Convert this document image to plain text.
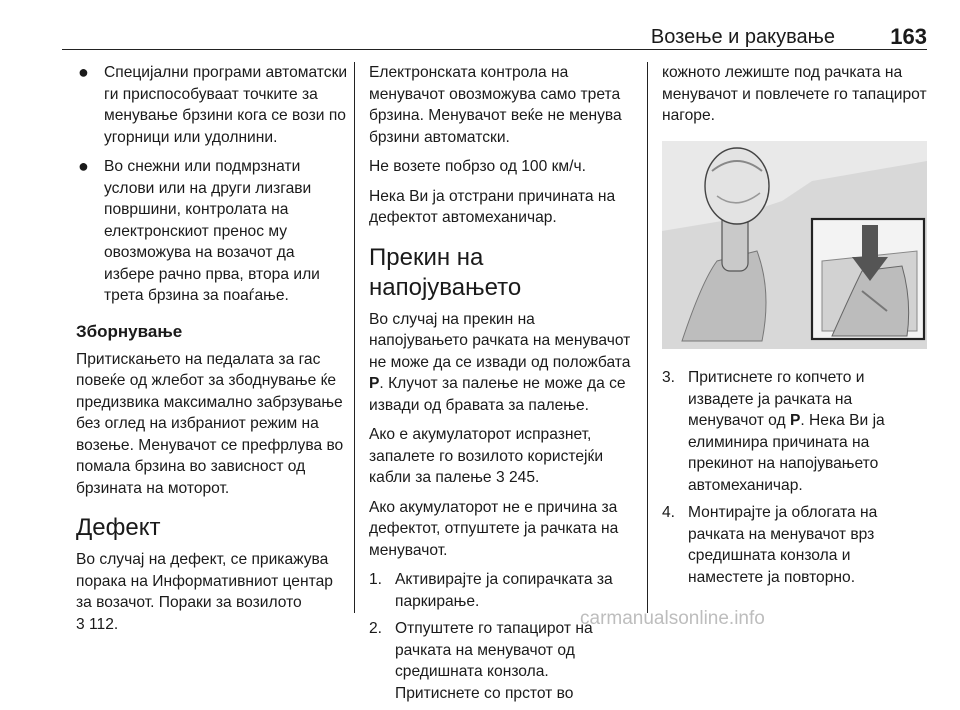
Возење и ракување	163
● Специјални програми автоматски ги приспособуваат точките за менување брзини кога се вози по угорници или удолнини.
● Во снежни или подмрзнати услови или на други лизгави површини, контролата на електронскиот пренос му овозможува на возачот да избере рачно прва, втора или трета брзина за поаѓање.
Зборнување

Притискањето на педалата за гас повеќе од жлебот за збоднување ќе предизвика максимално забрзување без оглед на избраниот режим на возење. Менувачот се префрлува во помала брзина во зависност од брзината на моторот.

Дефект

Во случај на дефект, се прикажува порака на Информативниот центар за возачот. Пораки за возилото
3 112.

Електронската контрола на менувачот овозможува само трета брзина. Менувачот веќе не менува брзини автоматски.

Не возете побрзо од 100 км/ч.

Нека Ви ја отстрани причината на дефектот автомеханичар.

Прекин на напојувањето

Во случај на прекин на напојувањето рачката на менувачот не може да се извади од положбата P. Клучот за палење не може да се извади од бравата за палење.

Ако е акумулаторот испразнет, запалете го возилото користејќи кабли за палење 3 245.

Ако акумулаторот не е причина за дефектот, отпуштете ја рачката на менувачот.

1. Активирајте ја сопирачката за паркирање.
2. Отпуштете го тапацирот на рачката на менувачот од средишната конзола. Притиснете со прстот во

кожното лежиште под рачката на менувачот и повлечете го тапацирот нагоре.

3. Притиснете го копчето и извадете ја рачката на менувачот од P. Нека Ви ја елиминира причината на прекинот на напојувањето автомеханичар.
4. Монтирајте ја облогата на рачката на менувачот врз средишната конзола и наместете ја повторно.
carmanualsonline.info
